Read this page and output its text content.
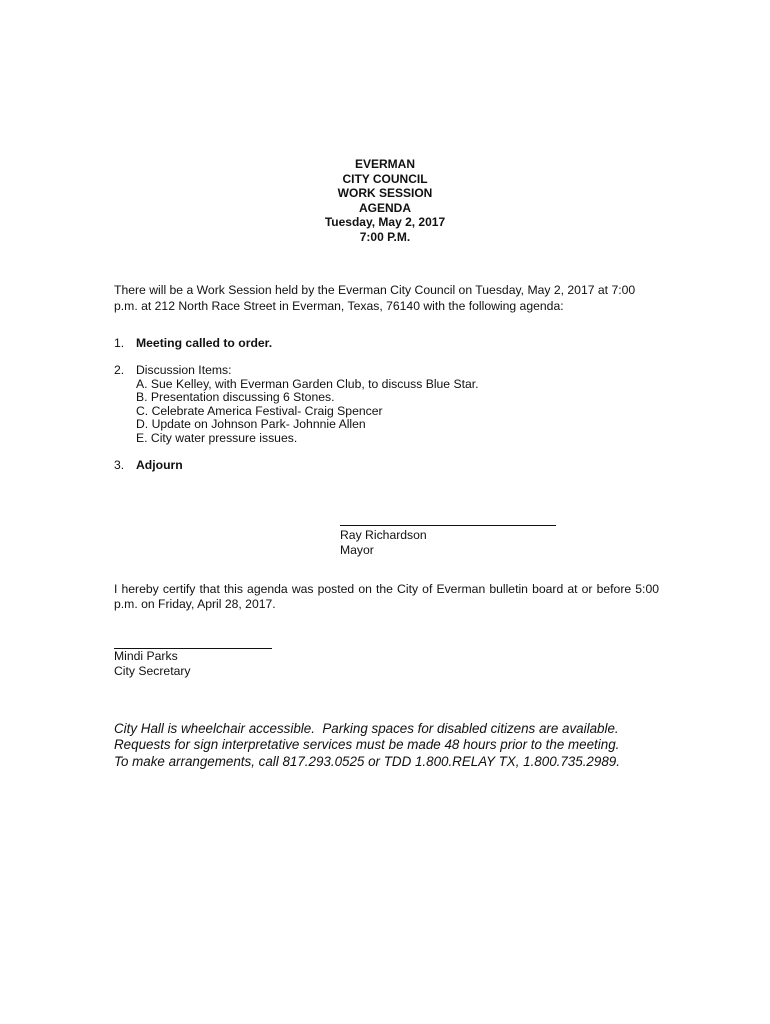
EVERMAN
CITY COUNCIL
WORK SESSION
AGENDA
Tuesday, May 2, 2017
7:00 P.M.
There will be a Work Session held by the Everman City Council on Tuesday, May 2, 2017 at 7:00 p.m. at 212 North Race Street in Everman, Texas, 76140 with the following agenda:
1. Meeting called to order.
2. Discussion Items:
A. Sue Kelley, with Everman Garden Club, to discuss Blue Star.
B. Presentation discussing 6 Stones.
C. Celebrate America Festival- Craig Spencer
D. Update on Johnson Park- Johnnie Allen
E. City water pressure issues.
3. Adjourn
Ray Richardson
Mayor
I hereby certify that this agenda was posted on the City of Everman bulletin board at or before 5:00 p.m. on Friday, April 28, 2017.
Mindi Parks
City Secretary
City Hall is wheelchair accessible.  Parking spaces for disabled citizens are available.
Requests for sign interpretative services must be made 48 hours prior to the meeting.
To make arrangements, call 817.293.0525 or TDD 1.800.RELAY TX, 1.800.735.2989.
